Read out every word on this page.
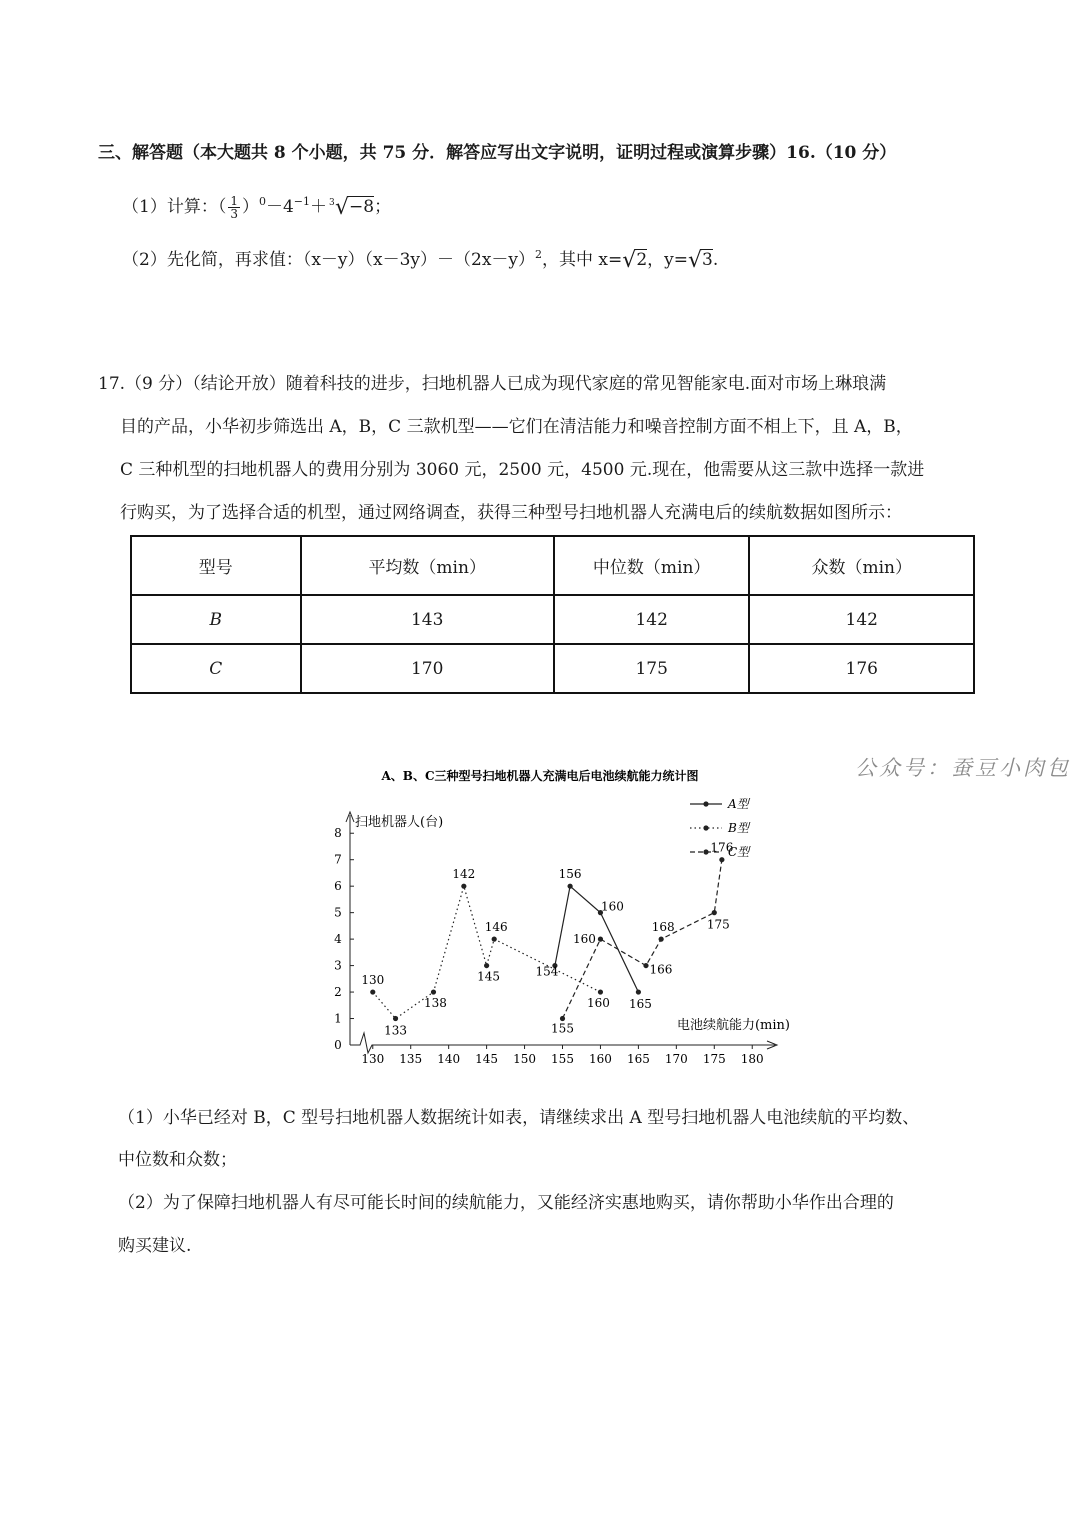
三、解答题（本大题共 8 个小题，共 75 分．解答应写出文字说明，证明过程或演算步骤）16.（10 分）
（1）计算：（ $\frac{1}{3} )^0-4^{-1}+ 3$ √−8；
（2）先化简，再求值：$(x-y)(x-3y)-(2x-y)^2$，其中 x=√2，y=√3.
17.（9 分）（结论开放）随着科技的进步，扫地机器人已成为现代家庭的常见智能家电.面对市场上琳琅满
目的产品，小华初步筛选出 A，B，C 三款机型——它们在清洁能力和噪音控制方面不相上下，且 A，B，
C 三种机型的扫地机器人的费用分别为 3060 元，2500 元，4500 元.现在，他需要从这三款中选择一款进
行购买，为了选择合适的机型，通过网络调查，获得三种型号扫地机器人充满电后的续航数据如图所示：
型号	平均数（min）	中位数（min）	众数（min）
B	143	142	142
C	170	175	176
公众号：蚕豆小肉包
A、B、C三种型号扫地机器人充满电后电池续航能力统计图
0
1
2
3
4
5
6
7
8
130 135 140 145 150 155 160 165 170 175 180
扫地机器人(台)
电池续航能力(min)
154
156
160
165
130
133
138
142
145
146
160
155
160
166
168	175
176
A型
B型
C型
（1）小华已经对 B，C 型号扫地机器人数据统计如表，请继续求出 A 型号扫地机器人电池续航的平均数、
中位数和众数；
（2）为了保障扫地机器人有尽可能长时间的续航能力，又能经济实惠地购买，请你帮助小华作出合理的
购买建议.
